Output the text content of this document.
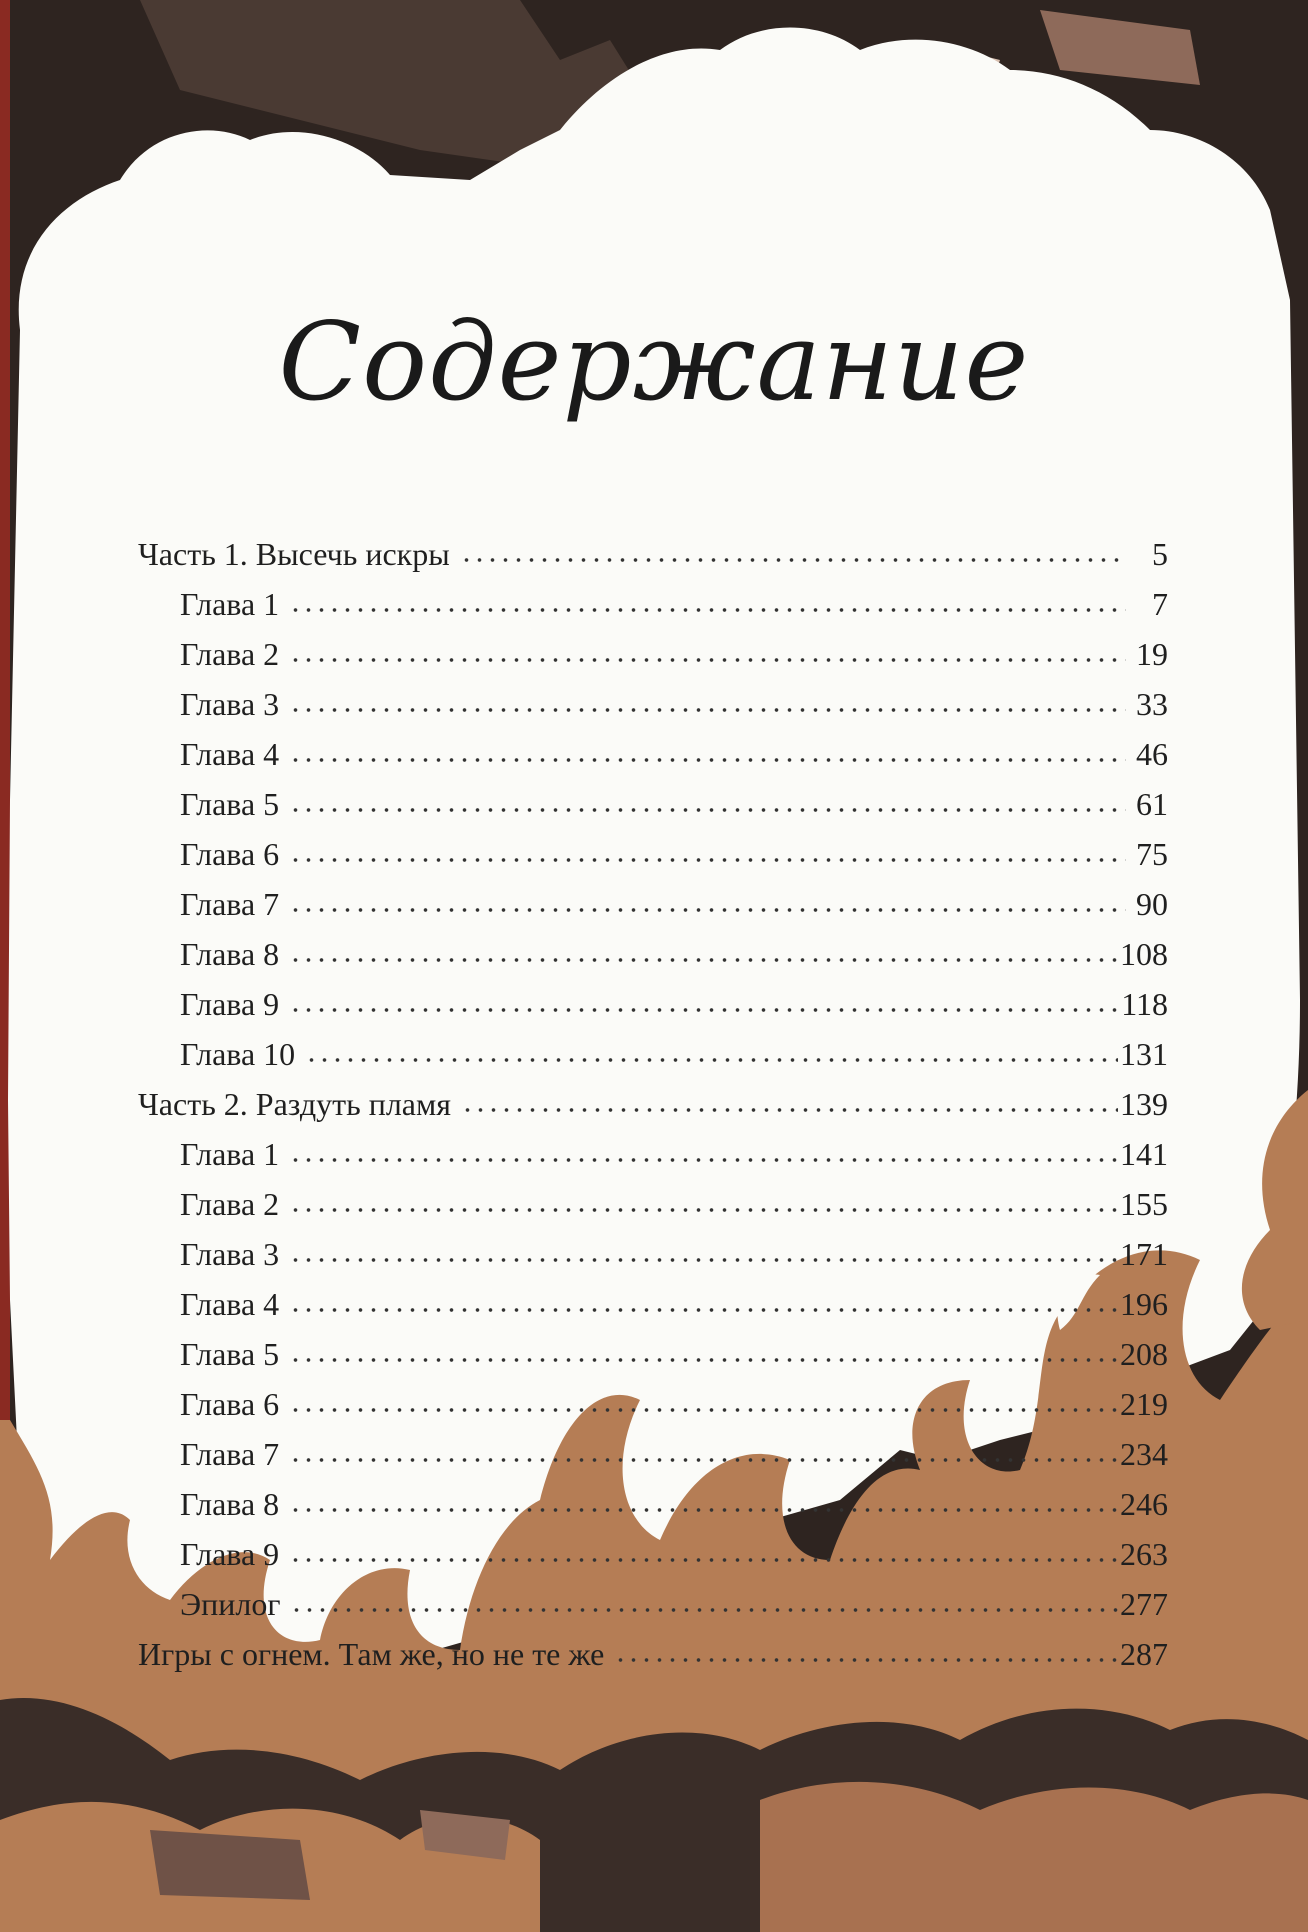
Содержание
Часть 1. Высечь искры	5
Глава 1	7
Глава 2	19
Глава 3	33
Глава 4	46
Глава 5	61
Глава 6	75
Глава 7	90
Глава 8	108
Глава 9	118
Глава 10	131
Часть 2. Раздуть пламя	139
Глава 1	141
Глава 2	155
Глава 3	171
Глава 4	196
Глава 5	208
Глава 6	219
Глава 7	234
Глава 8	246
Глава 9	263
Эпилог	277
Игры с огнем. Там же, но не те же	287
